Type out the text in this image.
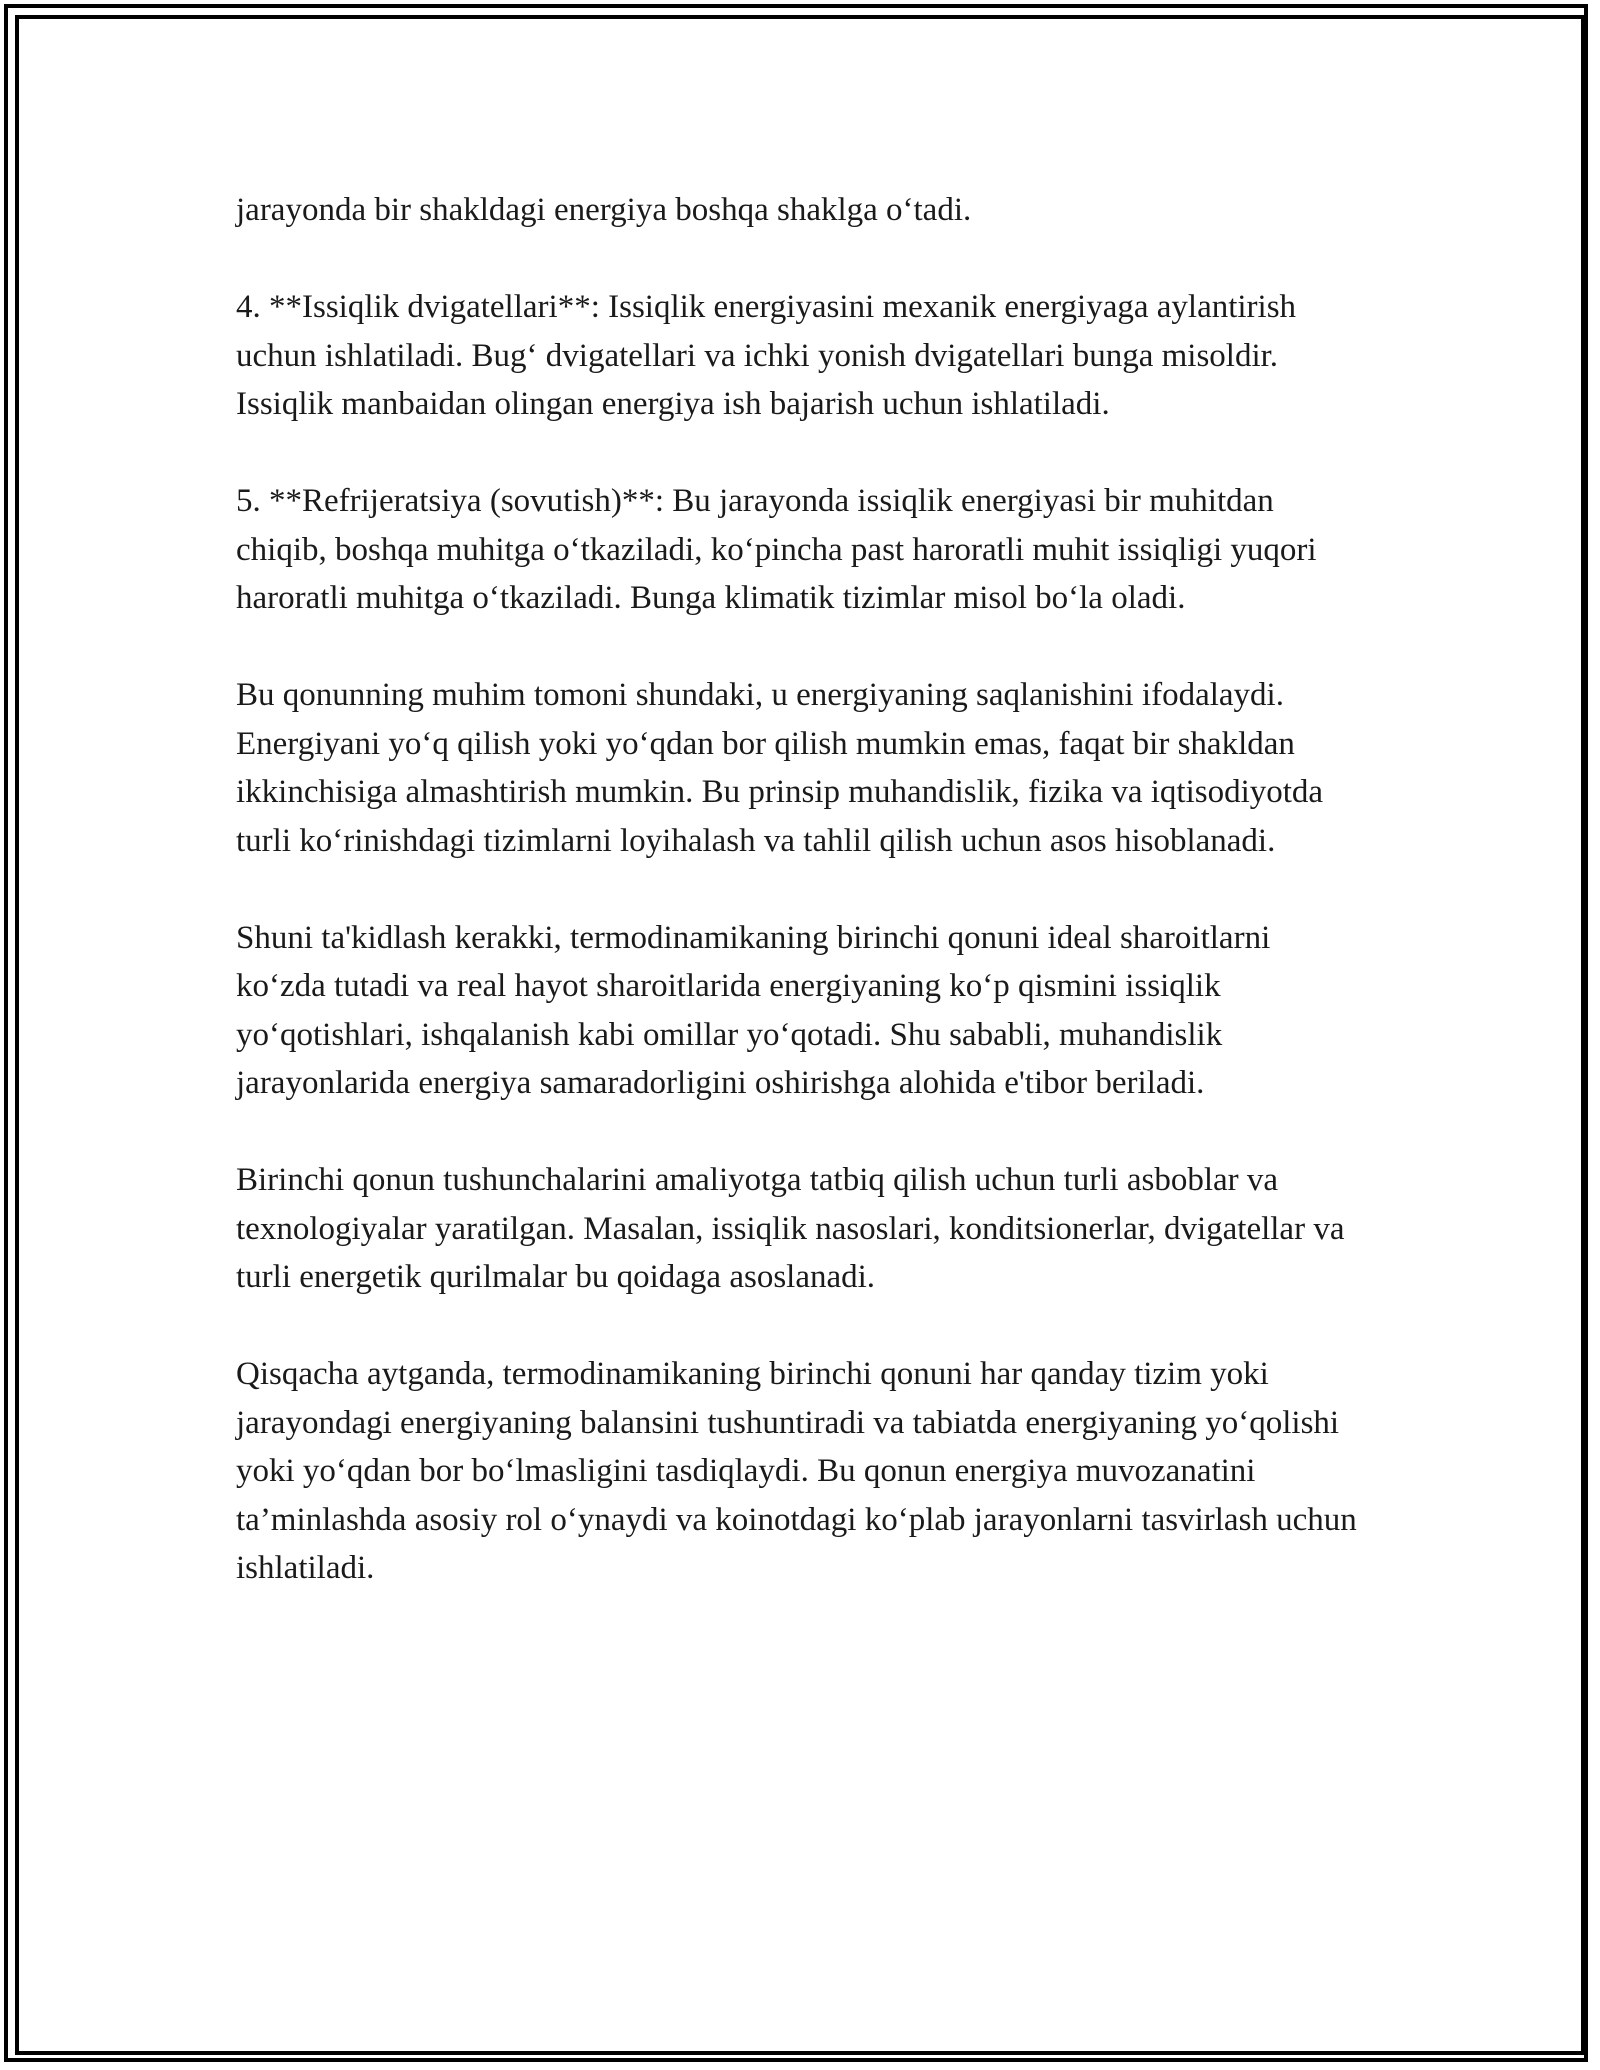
jarayonda bir shakldagi energiya boshqa shaklga o‘tadi.

4. **Issiqlik dvigatellari**: Issiqlik energiyasini mexanik energiyaga aylantirish uchun ishlatiladi. Bug‘ dvigatellari va ichki yonish dvigatellari bunga misoldir. Issiqlik manbaidan olingan energiya ish bajarish uchun ishlatiladi.

5. **Refrijeratsiya (sovutish)**: Bu jarayonda issiqlik energiyasi bir muhitdan chiqib, boshqa muhitga o‘tkaziladi, ko‘pincha past haroratli muhit issiqligi yuqori haroratli muhitga o‘tkaziladi. Bunga klimatik tizimlar misol bo‘la oladi.

Bu qonunning muhim tomoni shundaki, u energiyaning saqlanishini ifodalaydi. Energiyani yo‘q qilish yoki yo‘qdan bor qilish mumkin emas, faqat bir shakldan ikkinchisiga almashtirish mumkin. Bu prinsip muhandislik, fizika va iqtisodiyotda turli ko‘rinishdagi tizimlarni loyihalash va tahlil qilish uchun asos hisoblanadi.

Shuni ta'kidlash kerakki, termodinamikaning birinchi qonuni ideal sharoitlarni ko‘zda tutadi va real hayot sharoitlarida energiyaning ko‘p qismini issiqlik yo‘qotishlari, ishqalanish kabi omillar yo‘qotadi. Shu sababli, muhandislik jarayonlarida energiya samaradorligini oshirishga alohida e'tibor beriladi.

Birinchi qonun tushunchalarini amaliyotga tatbiq qilish uchun turli asboblar va texnologiyalar yaratilgan. Masalan, issiqlik nasoslari, konditsionerlar, dvigatellar va turli energetik qurilmalar bu qoidaga asoslanadi.

Qisqacha aytganda, termodinamikaning birinchi qonuni har qanday tizim yoki jarayondagi energiyaning balansini tushuntiradi va tabiatda energiyaning yo‘qolishi yoki yo‘qdan bor bo‘lmasligini tasdiqlaydi. Bu qonun energiya muvozanatini ta’minlashda asosiy rol o‘ynaydi va koinotdagi ko‘plab jarayonlarni tasvirlash uchun ishlatiladi.
